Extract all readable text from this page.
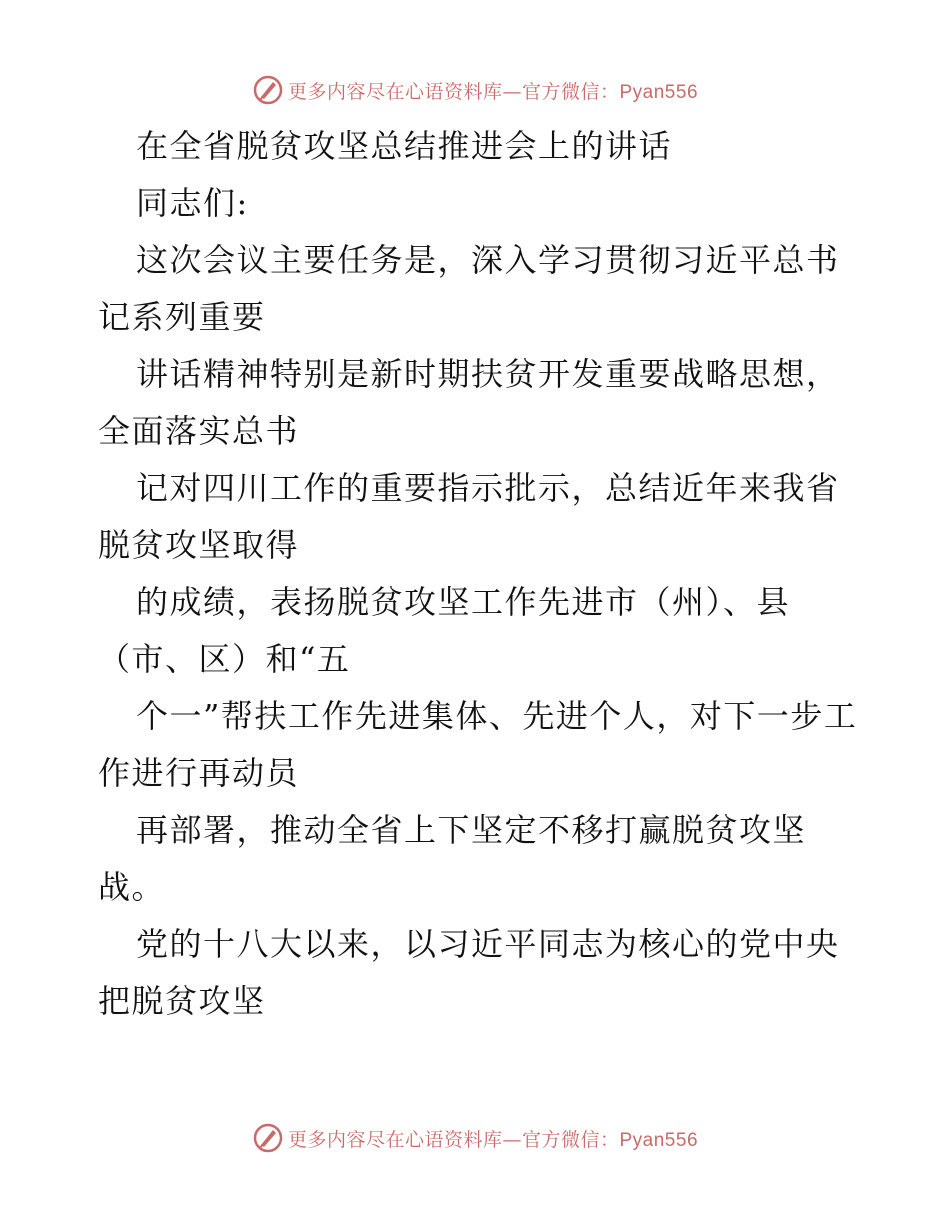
更多内容尽在心语资料库—官方微信：Pyan556

在全省脱贫攻坚总结推进会上的讲话

同志们:

这次会议主要任务是，深入学习贯彻习近平总书记系列重要

讲话精神特别是新时期扶贫开发重要战略思想，全面落实总书

记对四川工作的重要指示批示，总结近年来我省脱贫攻坚取得

的成绩，表扬脱贫攻坚工作先进市（州）、县（市、区）和“五

个一”帮扶工作先进集体、先进个人，对下一步工作进行再动员

再部署，推动全省上下坚定不移打赢脱贫攻坚战。

党的十八大以来，以习近平同志为核心的党中央把脱贫攻坚

更多内容尽在心语资料库—官方微信：Pyan556
